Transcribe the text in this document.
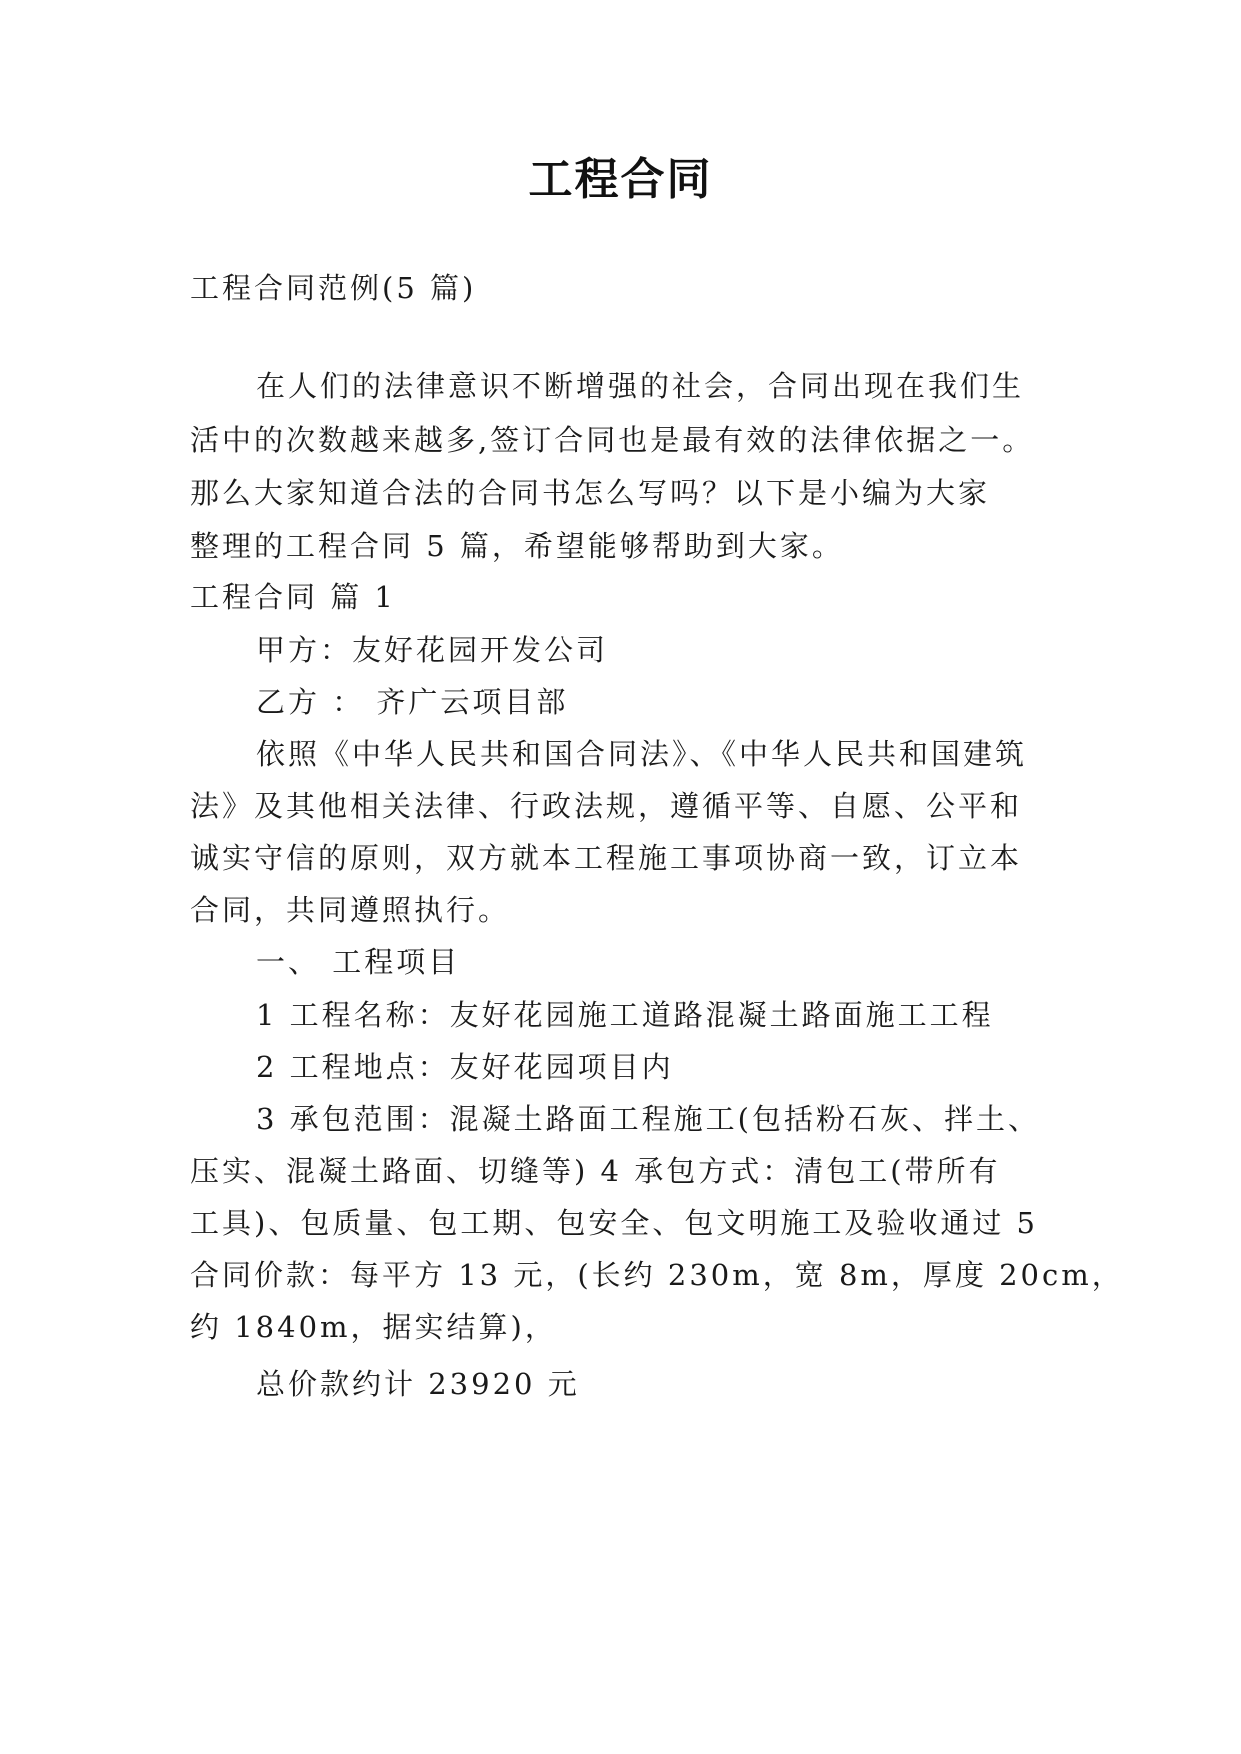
工程合同
工程合同范例(5 篇)
在人们的法律意识不断增强的社会，合同出现在我们生
活中的次数越来越多,签订合同也是最有效的法律依据之一。
那么大家知道合法的合同书怎么写吗？以下是小编为大家
整理的工程合同 5 篇，希望能够帮助到大家。
工程合同 篇 1
甲方：友好花园开发公司
乙方 ： 齐广云项目部
依照《中华人民共和国合同法》、《中华人民共和国建筑
法》及其他相关法律、行政法规，遵循平等、自愿、公平和
诚实守信的原则，双方就本工程施工事项协商一致，订立本
合同，共同遵照执行。
一、 工程项目
1 工程名称：友好花园施工道路混凝土路面施工工程
2 工程地点：友好花园项目内
3 承包范围：混凝土路面工程施工(包括粉石灰、拌土、
压实、混凝土路面、切缝等) 4 承包方式：清包工(带所有
工具)、包质量、包工期、包安全、包文明施工及验收通过 5
合同价款：每平方 13 元，(长约 230m，宽 8m，厚度 20cm，
约 1840m，据实结算)，
总价款约计 23920 元
